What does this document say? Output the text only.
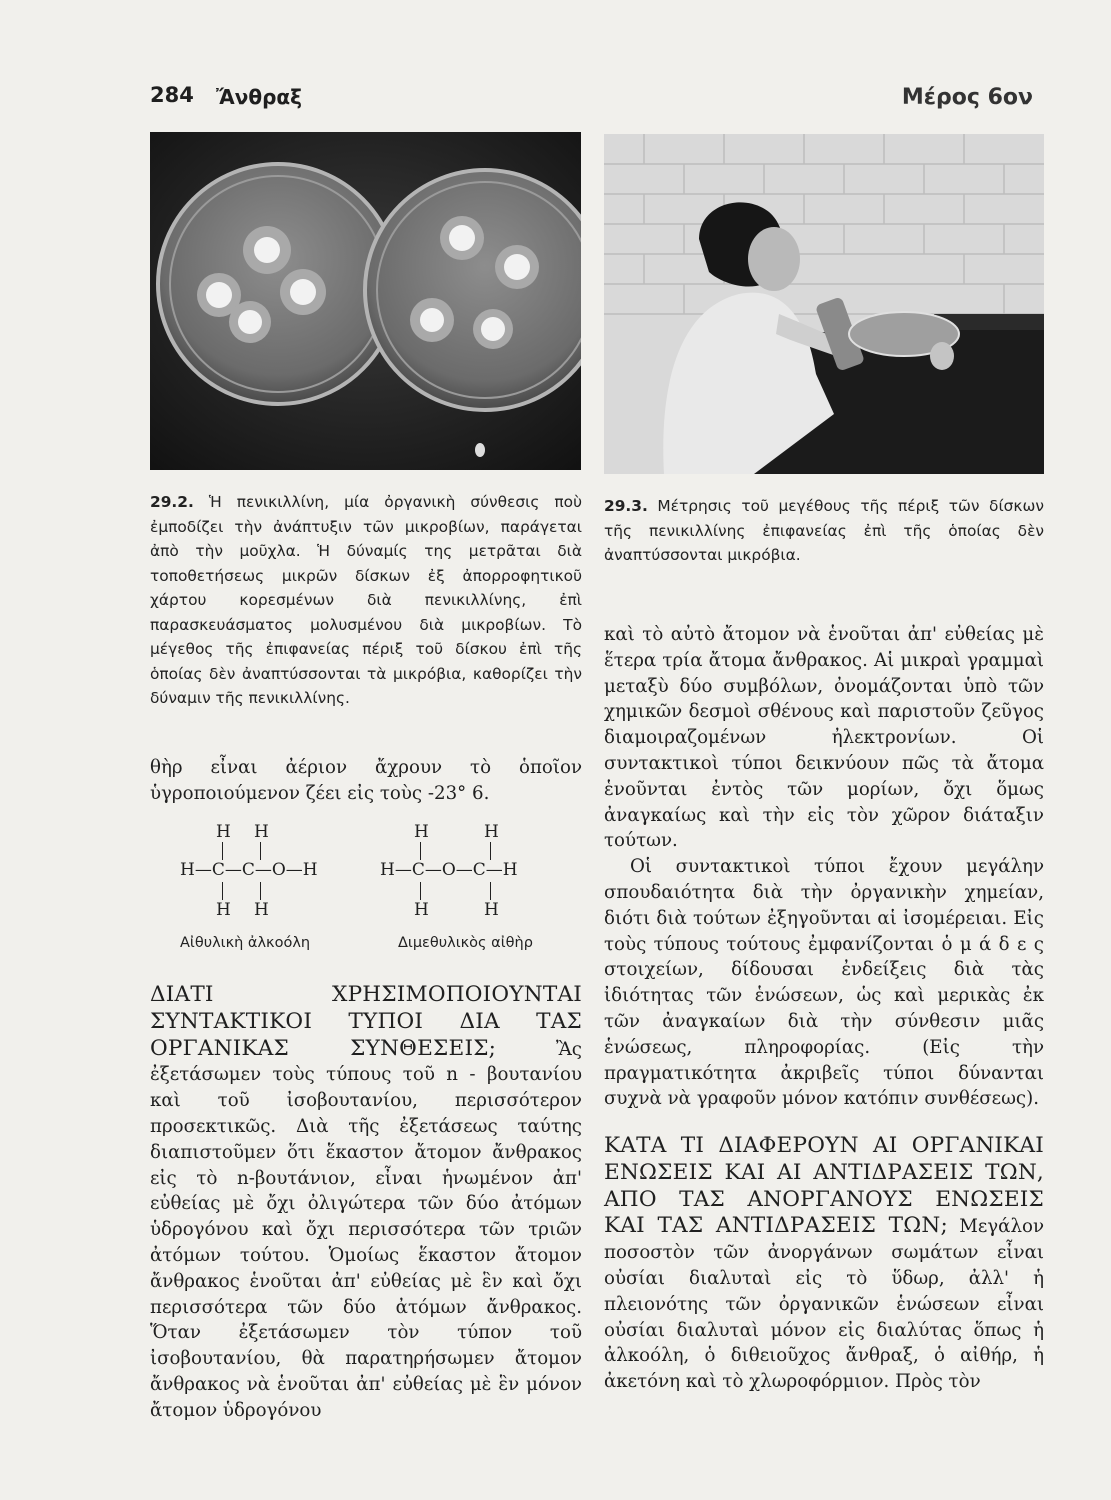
284 Ἄνθραξ	Μέρος 6ον
29.2. Ἡ πενικιλλίνη, μία ὀργανικὴ σύνθεσις ποὺ ἐμποδίζει τὴν ἀνάπτυξιν τῶν μικροβίων, παράγεται ἀπὸ τὴν μοῦχλα. Ἡ δύναμίς της μετρᾶται διὰ τοποθετήσεως μικρῶν δίσκων ἐξ ἀπορροφητικοῦ χάρτου κορεσμένων διὰ πενικιλλίνης, ἐπὶ παρασκευάσματος μολυσμένου διὰ μικροβίων. Τὸ μέγεθος τῆς ἐπιφανείας πέριξ τοῦ δίσκου ἐπὶ τῆς ὁποίας δὲν ἀναπτύσσονται τὰ μικρόβια, καθορίζει τὴν δύναμιν τῆς πενικιλλίνης.
29.3. Μέτρησις τοῦ μεγέθους τῆς πέριξ τῶν δίσκων τῆς πενικιλλίνης ἐπιφανείας ἐπὶ τῆς ὁποίας δὲν ἀναπτύσσονται μικρόβια.

θὴρ εἶναι ἀέριον ἄχρουν τὸ ὁποῖον ὑγροποιούμενον ζέει εἰς τοὺς -23° 6.

H H
H—C—C—O—H
H H
H	H
H—C—O—C—H
H	H
Αἰθυλικὴ ἀλκοόλη	Διμεθυλικὸς αἰθὴρ

ΔΙΑΤΙ ΧΡΗΣΙΜΟΠΟΙΟΥΝΤΑΙ ΣΥΝΤΑΚΤΙΚΟΙ ΤΥΠΟΙ ΔΙΑ ΤΑΣ ΟΡΓΑΝΙΚΑΣ ΣΥΝΘΕΣΕΙΣ;	Ἂς ἐξετάσωμεν τοὺς τύπους τοῦ n - βουτανίου καὶ τοῦ ἰσοβουτανίου, περισσότερον προσεκτικῶς. Διὰ τῆς ἐξετάσεως ταύτης διαπιστοῦμεν ὅτι ἕκαστον ἄτομον ἄνθρακος εἰς τὸ n-βουτάνιον, εἶναι ἡνωμένον ἀπ' εὐθείας μὲ ὄχι ὀλιγώτερα τῶν δύο ἀτόμων ὑδρογόνου καὶ ὄχι περισσότερα τῶν τριῶν ἀτόμων τούτου. Ὁμοίως ἕκαστον ἄτομον ἄνθρακος ἑνοῦται ἀπ' εὐθείας μὲ ἓν καὶ ὄχι περισσότερα τῶν δύο ἀτόμων ἄνθρακος. Ὅταν ἐξετάσωμεν τὸν τύπον τοῦ ἰσοβουτανίου, θὰ παρατηρήσωμεν ἄτομον ἄνθρακος νὰ ἑνοῦται ἀπ' εὐθείας μὲ ἓν μόνον ἄτομον ὑδρογόνου

καὶ τὸ αὐτὸ ἄτομον νὰ ἑνοῦται ἀπ' εὐθείας μὲ ἕτερα τρία ἄτομα ἄνθρακος. Αἱ μικραὶ γραμμαὶ μεταξὺ δύο συμβόλων, ὀνομάζονται ὑπὸ τῶν χημικῶν δεσμοὶ σθένους καὶ παριστοῦν ζεῦγος διαμοιραζομένων ἠλεκτρονίων. Οἱ συντακτικοὶ τύποι δεικνύουν πῶς τὰ ἄτομα ἑνοῦνται ἐντὸς τῶν μορίων, ὄχι ὅμως ἀναγκαίως καὶ τὴν εἰς τὸν χῶρον διάταξιν τούτων.

Οἱ συντακτικοὶ τύποι ἔχουν μεγάλην σπουδαιότητα διὰ τὴν ὀργανικὴν χημείαν, διότι διὰ τούτων ἐξηγοῦνται αἱ ἰσομέρειαι. Εἰς τοὺς τύπους τούτους ἐμφανίζονται ὁ μ ά δ ε ς στοιχείων, δίδουσαι ἐνδείξεις διὰ τὰς ἰδιότητας τῶν ἑνώσεων, ὡς καὶ μερικὰς ἐκ τῶν ἀναγκαίων διὰ τὴν σύνθεσιν μιᾶς ἑνώσεως, πληροφορίας. (Εἰς τὴν πραγματικότητα ἀκριβεῖς τύποι δύνανται συχνὰ νὰ γραφοῦν μόνον κατόπιν συνθέσεως).

ΚΑΤΑ ΤΙ ΔΙΑΦΕΡΟΥΝ ΑΙ ΟΡΓΑΝΙΚΑΙ ΕΝΩΣΕΙΣ ΚΑΙ ΑΙ ΑΝΤΙΔΡΑΣΕΙΣ ΤΩΝ, ΑΠΟ ΤΑΣ ΑΝΟΡΓΑΝΟΥΣ ΕΝΩΣΕΙΣ ΚΑΙ ΤΑΣ ΑΝΤΙΔΡΑΣΕΙΣ ΤΩΝ; Μεγάλον ποσοστὸν τῶν ἀνοργάνων σωμάτων εἶναι οὐσίαι διαλυταὶ εἰς τὸ ὕδωρ, ἀλλ' ἡ πλειονότης τῶν ὀργανικῶν ἑνώσεων εἶναι οὐσίαι διαλυταὶ μόνον εἰς διαλύτας ὅπως ἡ ἀλκοόλη, ὁ διθειοῦχος ἄνθραξ, ὁ αἰθήρ, ἡ ἀκετόνη καὶ τὸ χλωροφόρμιον. Πρὸς τὸν
